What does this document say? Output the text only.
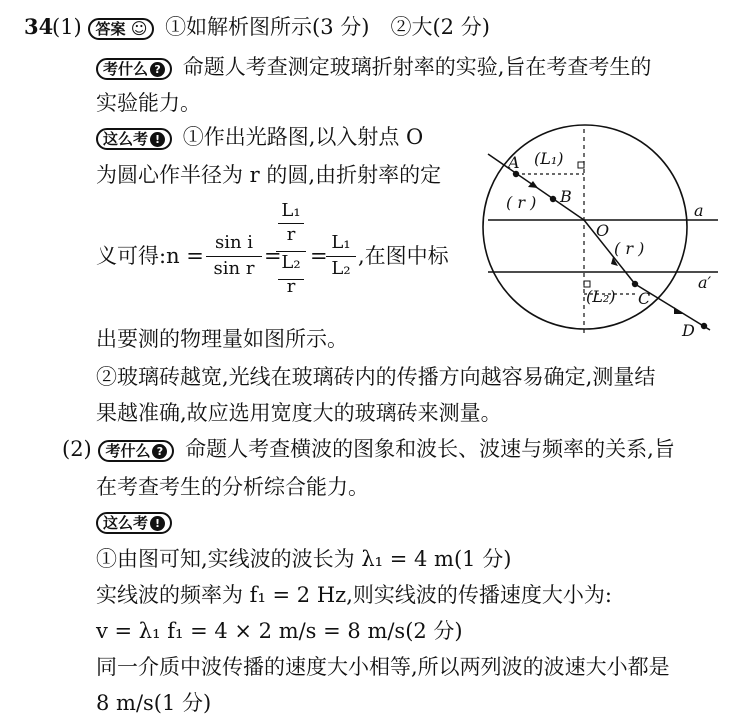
34
(1) 答案 ☺ ①如解析图所示(3 分)　②大(2 分)
考什么 ? 命题人考查测定玻璃折射率的实验,旨在考查考生的
实验能力。
这么考 ! ①作出光路图,以入射点 O
为圆心作半径为 r 的圆,由折射率的定
义可得:n =
sin i
sin r
=
L₁
r
L₂
r
=
L₁
L₂
,在图中标
出要测的物理量如图所示。
②玻璃砖越宽,光线在玻璃砖内的传播方向越容易确定,测量结
果越准确,故应选用宽度大的玻璃砖来测量。
A
B
C
D
O
a
a′
(L₁)
(L₂)
( r )
( r )
(2) 考什么 ? 命题人考查横波的图象和波长、波速与频率的关系,旨
在考查考生的分析综合能力。
这么考 !
①由图可知,实线波的波长为 λ₁ = 4 m(1 分)
实线波的频率为 f₁ = 2 Hz,则实线波的传播速度大小为:
v = λ₁ f₁ = 4 × 2 m/s = 8 m/s(2 分)
同一介质中波传播的速度大小相等,所以两列波的波速大小都是
8 m/s(1 分)
